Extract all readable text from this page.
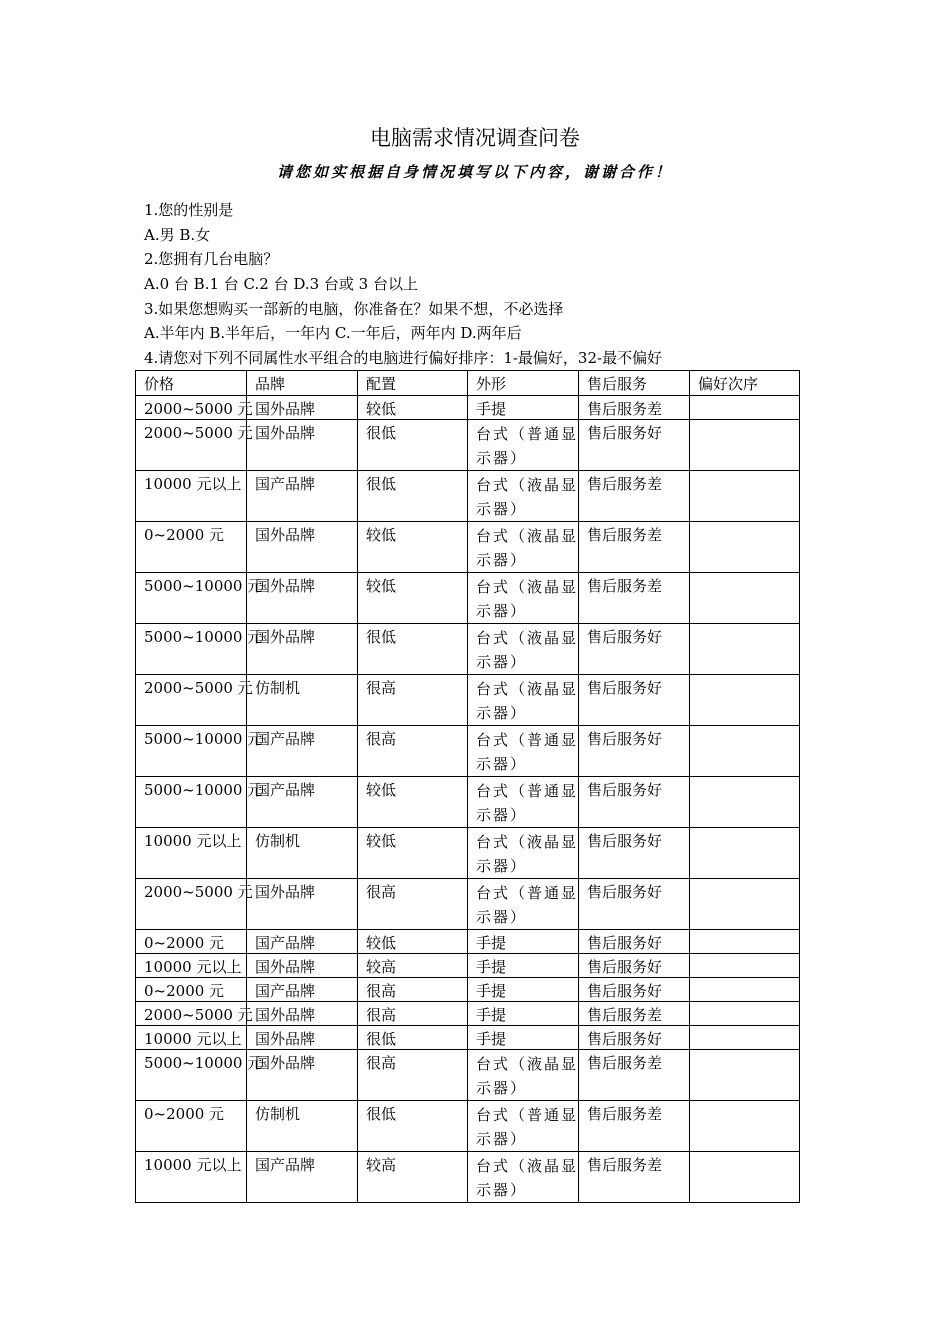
电脑需求情况调查问卷
请您如实根据自身情况填写以下内容，谢谢合作！
1.您的性别是
A.男 B.女
2.您拥有几台电脑？
A.0 台 B.1 台 C.2 台 D.3 台或 3 台以上
3.如果您想购买一部新的电脑，你准备在？如果不想，不必选择
A.半年内 B.半年后，一年内 C.一年后，两年内 D.两年后
4.请您对下列不同属性水平组合的电脑进行偏好排序：1-最偏好，32-最不偏好
价格	品牌	配置	外形	售后服务	偏好次序
2000~5000 元	国外品牌	较低	手提	售后服务差	
2000~5000 元	国外品牌	很低	台式（普通显示器）	售后服务好	
10000 元以上	国产品牌	很低	台式（液晶显示器）	售后服务差	
0~2000 元	国外品牌	较低	台式（液晶显示器）	售后服务差	
5000~10000 元	国外品牌	较低	台式（液晶显示器）	售后服务差	
5000~10000 元	国外品牌	很低	台式（液晶显示器）	售后服务好	
2000~5000 元	仿制机	很高	台式（液晶显示器）	售后服务好	
5000~10000 元	国产品牌	很高	台式（普通显示器）	售后服务好	
5000~10000 元	国产品牌	较低	台式（普通显示器）	售后服务好	
10000 元以上	仿制机	较低	台式（液晶显示器）	售后服务好	
2000~5000 元	国外品牌	很高	台式（普通显示器）	售后服务好	
0~2000 元	国产品牌	较低	手提	售后服务好	
10000 元以上	国外品牌	较高	手提	售后服务好	
0~2000 元	国产品牌	很高	手提	售后服务好	
2000~5000 元	国外品牌	很高	手提	售后服务差	
10000 元以上	国外品牌	很低	手提	售后服务好	
5000~10000 元	国外品牌	很高	台式（液晶显示器）	售后服务差	
0~2000 元	仿制机	很低	台式（普通显示器）	售后服务差	
10000 元以上	国产品牌	较高	台式（液晶显示器）	售后服务差	
